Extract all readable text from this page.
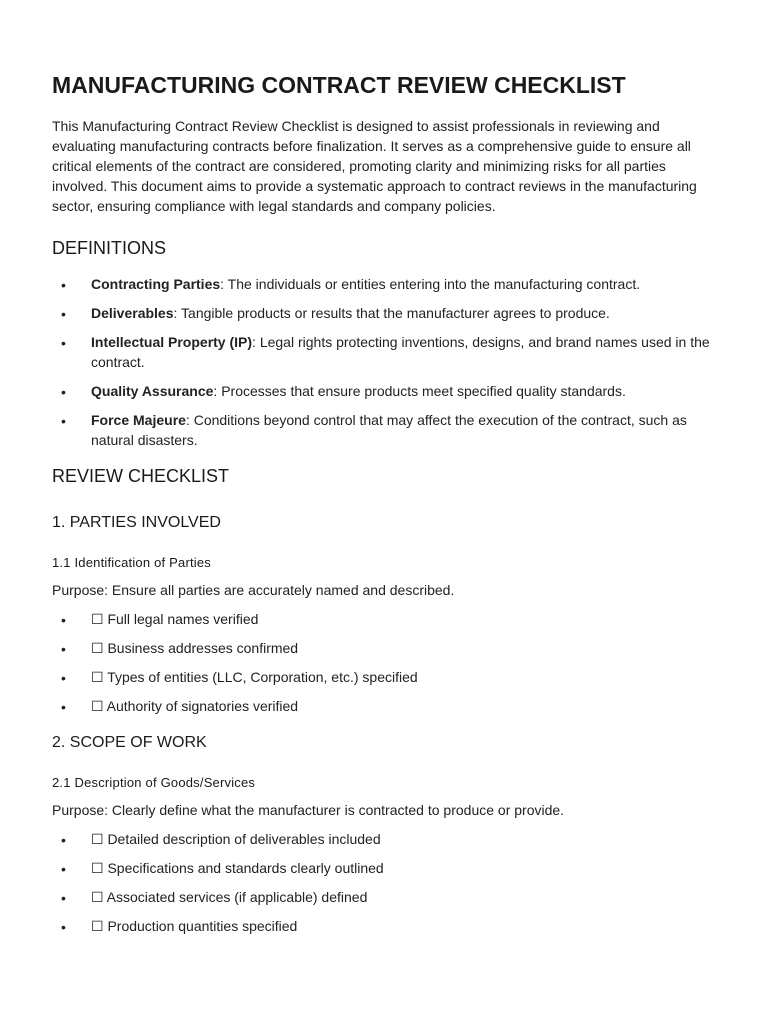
MANUFACTURING CONTRACT REVIEW CHECKLIST

This Manufacturing Contract Review Checklist is designed to assist professionals in reviewing and evaluating manufacturing contracts before finalization. It serves as a comprehensive guide to ensure all critical elements of the contract are considered, promoting clarity and minimizing risks for all parties involved. This document aims to provide a systematic approach to contract reviews in the manufacturing sector, ensuring compliance with legal standards and company policies.

DEFINITIONS
• Contracting Parties: The individuals or entities entering into the manufacturing contract.
• Deliverables: Tangible products or results that the manufacturer agrees to produce.
• Intellectual Property (IP): Legal rights protecting inventions, designs, and brand names used in the contract.
• Quality Assurance: Processes that ensure products meet specified quality standards.
• Force Majeure: Conditions beyond control that may affect the execution of the contract, such as natural disasters.
REVIEW CHECKLIST
1. PARTIES INVOLVED
1.1 Identification of Parties

Purpose: Ensure all parties are accurately named and described.

• ☐ Full legal names verified
• ☐ Business addresses confirmed
• ☐ Types of entities (LLC, Corporation, etc.) specified
• ☐ Authority of signatories verified
2. SCOPE OF WORK
2.1 Description of Goods/Services

Purpose: Clearly define what the manufacturer is contracted to produce or provide.

• ☐ Detailed description of deliverables included
• ☐ Specifications and standards clearly outlined
• ☐ Associated services (if applicable) defined
• ☐ Production quantities specified
